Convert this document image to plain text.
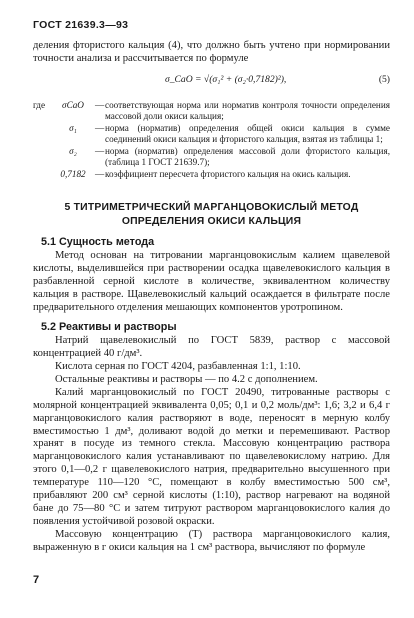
ГОСТ 21639.3—93

деления фтористого кальция (4), что должно быть учтено при нормировании точности анализа и рассчитывается по формуле

σ_CaO = √(σ₁² + (σ₂·0,7182)²),	(5)
где	σCaO	—	соответствующая норма или норматив контроля точности определения массовой доли окиси кальция;
	σ₁	—	норма (норматив) определения общей окиси кальция в сумме соединений окиси кальция и фтористого кальция, взятая из таблицы 1;
	σ₂	—	норма (норматив) определения массовой доли фтористого кальция, (таблица 1 ГОСТ 21639.7);
	0,7182	—	коэффициент пересчета фтористого кальция на окись кальция.
5 ТИТРИМЕТРИЧЕСКИЙ МАРГАНЦОВОКИСЛЫЙ МЕТОД
ОПРЕДЕЛЕНИЯ ОКИСИ КАЛЬЦИЯ
5.1 Сущность метода

Метод основан на титровании марганцовокислым калием щавелевой кислоты, выделившейся при растворении осадка щавелевокислого кальция в разбавленной серной кислоте в количестве, эквивалентном количеству кальция в растворе. Щавелевокислый кальций осаждается в фильтрате после предварительного отделения мешающих компонентов уротропином.

5.2 Реактивы и растворы

Натрий щавелевокислый по ГОСТ 5839, раствор с массовой концентрацией 40 г/дм³.

Кислота серная по ГОСТ 4204, разбавленная 1:1, 1:10.

Остальные реактивы и растворы — по 4.2 с дополнением.

Калий марганцовокислый по ГОСТ 20490, титрованные растворы с молярной концентрацией эквивалента 0,05; 0,1 и 0,2 моль/дм³: 1,6; 3,2 и 6,4 г марганцовокислого калия растворяют в воде, переносят в мерную колбу вместимостью 1 дм³, доливают водой до метки и перемешивают. Раствор хранят в посуде из темного стекла. Массовую концентрацию раствора марганцовокислого калия устанавливают по щавелевокислому натрию. Для этого 0,1—0,2 г щавелевокислого натрия, предварительно высушенного при температуре 110—120 °С, помещают в колбу вместимостью 500 см³, прибавляют 200 см³ серной кислоты (1:10), раствор нагревают на водяной бане до 75—80 °С и затем титруют раствором марганцовокислого калия до появления устойчивой розовой окраски.

Массовую концентрацию (Т) раствора марганцовокислого калия, выраженную в г окиси кальция на 1 см³ раствора, вычисляют по формуле

7
